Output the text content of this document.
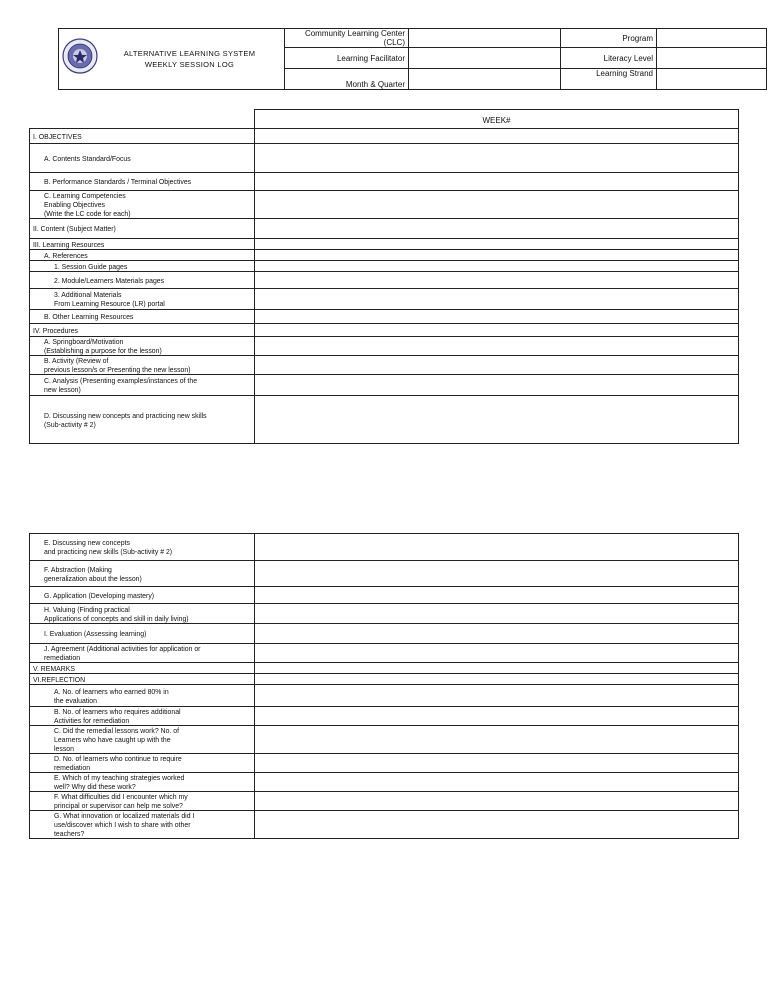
ALTERNATIVE LEARNING SYSTEM
WEEKLY SESSION LOG	Community Learning Center (CLC)		Program	
	Learning Facilitator		Literacy Level	
	Month & Quarter		Learning Strand	
	WEEK#

I. OBJECTIVES	

A. Contents Standard/Focus	

B. Performance Standards / Terminal Objectives	

C. Learning Competencies
Enabling Objectives
(Write the LC code for each)	

II. Content (Subject Matter)	

III. Learning Resources	

A. References	

1. Session Guide pages	

2. Module/Learners Materials pages	

3. Additional Materials
From Learning Resource (LR) portal	

B. Other Learning Resources	

IV. Procedures	

A. Springboard/Motivation
(Establishing a purpose for the lesson)	

B. Activity (Review of
previous lesson/s or Presenting the new lesson)	

C. Analysis (Presenting examples/instances of the
new lesson)	

D. Discussing new concepts and practicing new skills
(Sub-activity # 2)	

E. Discussing new concepts
and practicing new skills (Sub-activity # 2)	

F. Abstraction (Making
generalization about the lesson)	

G. Application (Developing mastery)	

H. Valuing (Finding practical
Applications of concepts and skill in daily living)	

I. Evaluation (Assessing learning)	

J. Agreement (Additional activities for application or
remediation	

V. REMARKS	

VI.REFLECTION	

A. No. of learners who earned 80% in
the evaluation	

B. No. of learners who requires additional
Activities for remediation	

C. Did the remedial lessons work? No. of
Learners who have caught up with the
lesson	

D. No. of learners who continue to require
remediation	

E. Which of my teaching strategies worked
well? Why did these work?	

F. What difficulties did I encounter which my
principal or supervisor can help me solve?	

G. What innovation or localized materials did I
use/discover which I wish to share with other
teachers?	
